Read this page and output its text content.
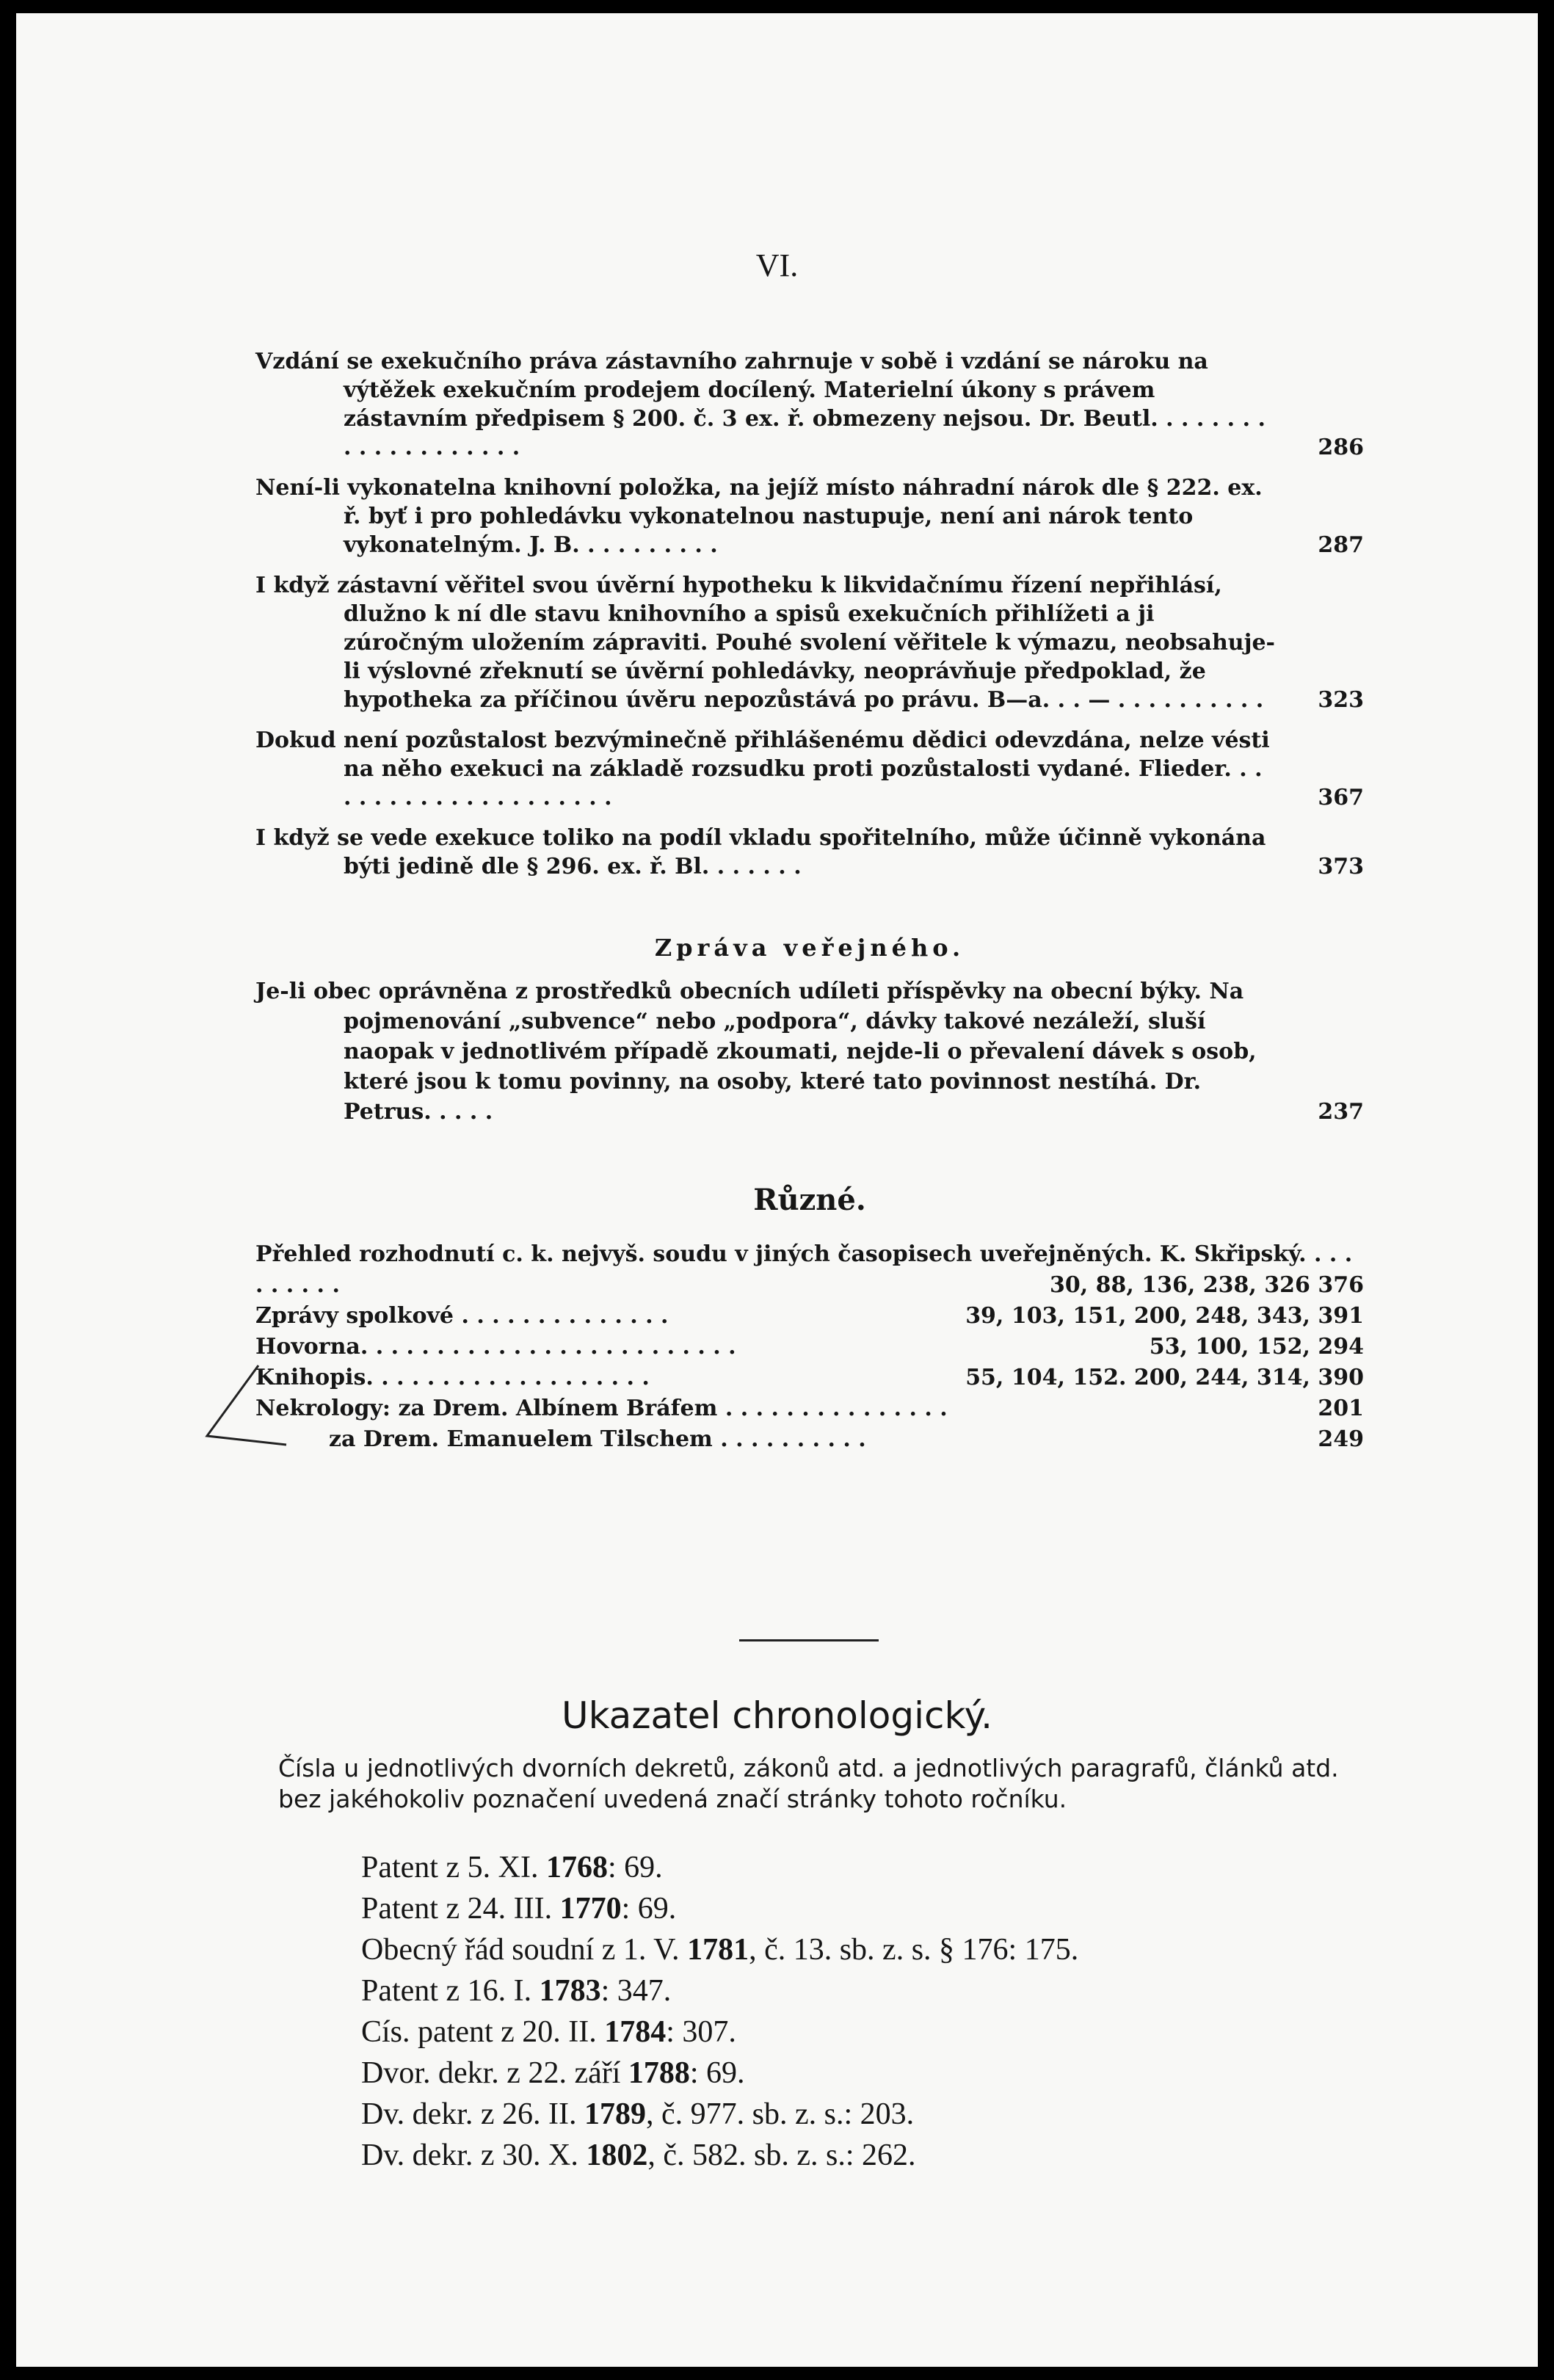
VI.
Vzdání se exekučního práva zástavního zahrnuje v sobě i vzdání se nároku na výtěžek exekučním prodejem docílený. Materielní úkony s právem zástavním předpisem § 200. č. 3 ex. ř. obmezeny nejsou. Dr. Beutl. . . . . . . . . . . . . . . . . . . .	286
Není-li vykonatelna knihovní položka, na jejíž místo náhradní nárok dle § 222. ex. ř. byť i pro pohledávku vykonatelnou nastupuje, není ani nárok tento vykonatelným. J. B. . . . . . . . . .	287
I když zástavní věřitel svou úvěrní hypotheku k likvidačnímu řízení nepřihlásí, dlužno k ní dle stavu knihovního a spisů exekučních přihlížeti a ji zúročným uložením zápraviti. Pouhé svolení věřitele k výmazu, neobsahuje-li výslovné zřeknutí se úvěrní pohledávky, neoprávňuje předpoklad, že hypotheka za příčinou úvěru nepozůstává po právu. B—a. . . — . . . . . . . . . .	323
Dokud není pozůstalost bezvýminečně přihlášenému dědici odevzdána, nelze vésti na něho exekuci na základě rozsudku proti pozůstalosti vydané. Flieder. . . . . . . . . . . . . . . . . . . . .	367
I když se vede exekuce toliko na podíl vkladu spořitelního, může účinně vykonána býti jedině dle § 296. ex. ř. Bl. . . . . . .	373
Zpráva veřejného.
Je-li obec oprávněna z prostředků obecních udíleti příspěvky na obecní býky. Na pojmenování „subvence“ nebo „podpora“, dávky takové nezáleží, sluší naopak v jednotlivém případě zkoumati, nejde-li o převalení dávek s osob, které jsou k tomu povinny, na osoby, které tato povinnost nestíhá. Dr. Petrus. . . . .	237
Různé.
Přehled rozhodnutí c. k. nejvyš. soudu v jiných časopisech uveřejněných. K. Skřipský. . . . . . . . . .	30, 88, 136, 238, 326 376
Zprávy spolkové . . . . . . . . . . . . . .	39, 103, 151, 200, 248, 343, 391
Hovorna. . . . . . . . . . . . . . . . . . . . . . . . .	53, 100, 152, 294
Knihopis. . . . . . . . . . . . . . . . . . .	55, 104, 152. 200, 244, 314, 390
Nekrology: za Drem. Albínem Bráfem . . . . . . . . . . . . . . .	201
za Drem. Emanuelem Tilschem . . . . . . . . . .	249
Ukazatel chronologický.
Čísla u jednotlivých dvorních dekretů, zákonů atd. a jednotlivých paragrafů, článků atd. bez jakéhokoliv poznačení uvedená značí stránky tohoto ročníku.
Patent z 5. XI. 1768: 69.
Patent z 24. III. 1770: 69.
Obecný řád soudní z 1. V. 1781, č. 13. sb. z. s. § 176: 175.
Patent z 16. I. 1783: 347.
Cís. patent z 20. II. 1784: 307.
Dvor. dekr. z 22. září 1788: 69.
Dv. dekr. z 26. II. 1789, č. 977. sb. z. s.: 203.
Dv. dekr. z 30. X. 1802, č. 582. sb. z. s.: 262.
